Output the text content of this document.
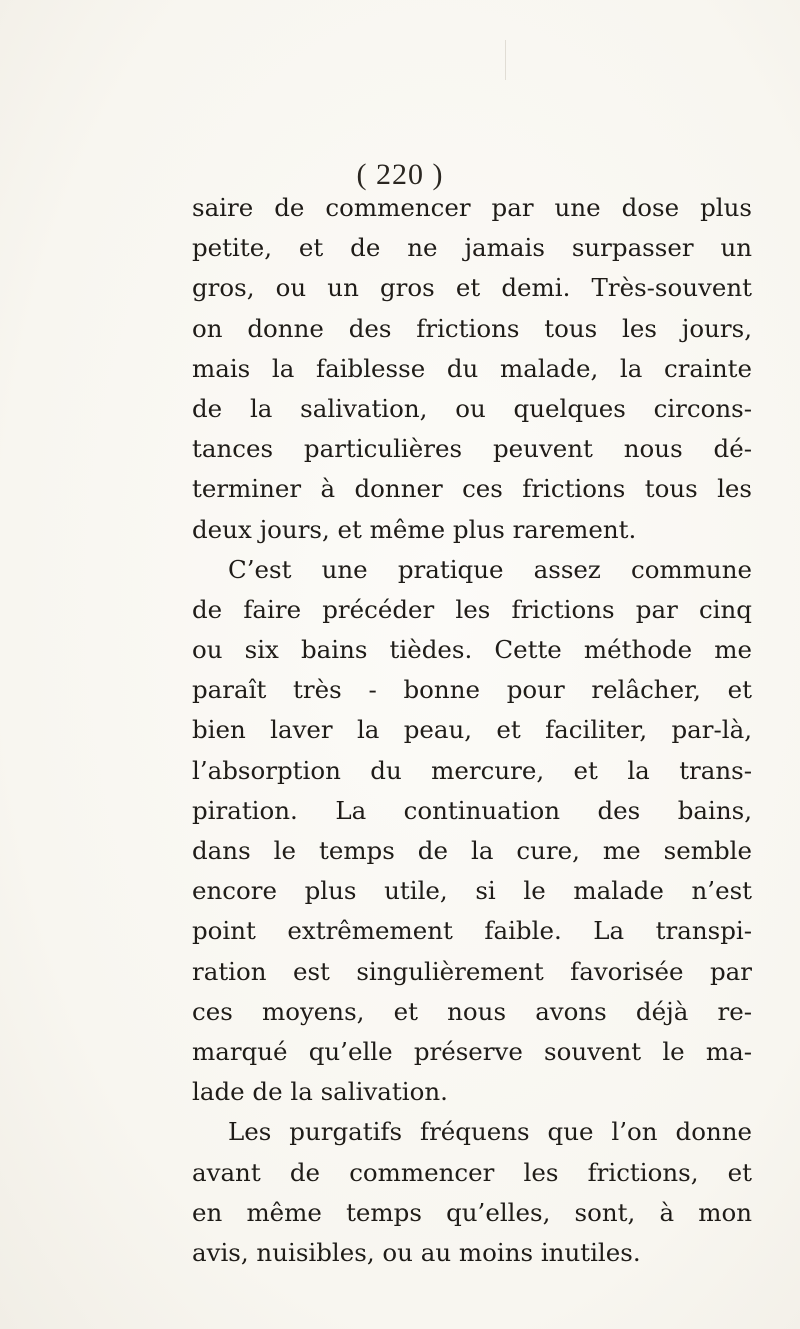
( 220 )
saire de commencer par une dose plus
petite, et de ne jamais surpasser un
gros, ou un gros et demi. Très-souvent
on donne des frictions tous les jours,
mais la faiblesse du malade, la crainte
de la salivation, ou quelques circons-
tances particulières peuvent nous dé-
terminer à donner ces frictions tous les
deux jours, et même plus rarement.
C’est une pratique assez commune
de faire précéder les frictions par cinq
ou six bains tièdes. Cette méthode me
paraît très - bonne pour relâcher, et
bien laver la peau, et faciliter, par-là,
l’absorption du mercure, et la trans-
piration. La continuation des bains,
dans le temps de la cure, me semble
encore plus utile, si le malade n’est
point extrêmement faible. La transpi-
ration est singulièrement favorisée par
ces moyens, et nous avons déjà re-
marqué qu’elle préserve souvent le ma-
lade de la salivation.
Les purgatifs fréquens que l’on donne
avant de commencer les frictions, et
en même temps qu’elles, sont, à mon
avis, nuisibles, ou au moins inutiles.
